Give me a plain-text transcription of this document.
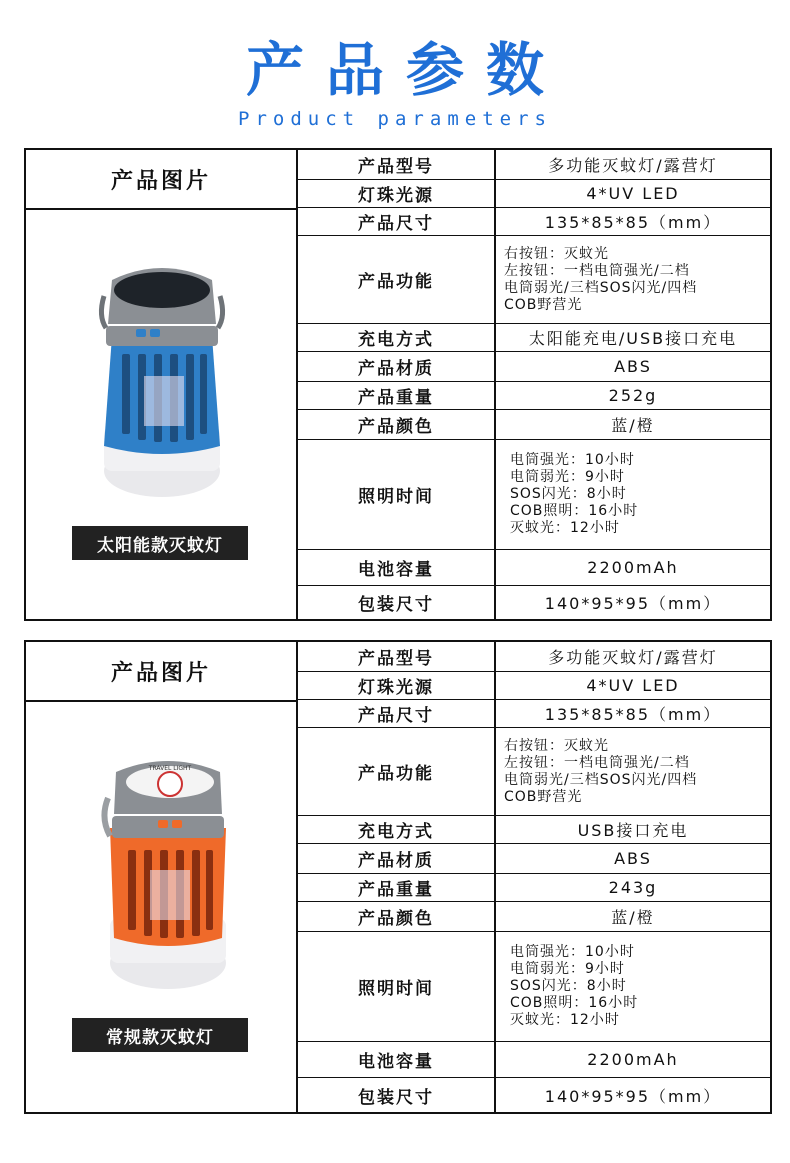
产品参数
Product parameters
产品图片
太阳能款灭蚊灯
产品型号	多功能灭蚊灯/露营灯
灯珠光源	4*UV LED
产品尺寸	135*85*85（mm）
产品功能
右按钮：灭蚊光
左按钮：一档电筒强光/二档
电筒弱光/三档SOS闪光/四档
COB野营光
充电方式	太阳能充电/USB接口充电
产品材质	ABS
产品重量	252g
产品颜色	蓝/橙
照明时间
电筒强光：10小时
电筒弱光：9小时
SOS闪光：8小时
COB照明：16小时
灭蚊光：12小时
电池容量	2200mAh
包装尺寸	140*95*95（mm）
产品图片
TRAVEL LIGHT
常规款灭蚊灯
产品型号	多功能灭蚊灯/露营灯
灯珠光源	4*UV LED
产品尺寸	135*85*85（mm）
产品功能
右按钮：灭蚊光
左按钮：一档电筒强光/二档
电筒弱光/三档SOS闪光/四档
COB野营光
充电方式	USB接口充电
产品材质	ABS
产品重量	243g
产品颜色	蓝/橙
照明时间
电筒强光：10小时
电筒弱光：9小时
SOS闪光：8小时
COB照明：16小时
灭蚊光：12小时
电池容量	2200mAh
包装尺寸	140*95*95（mm）
